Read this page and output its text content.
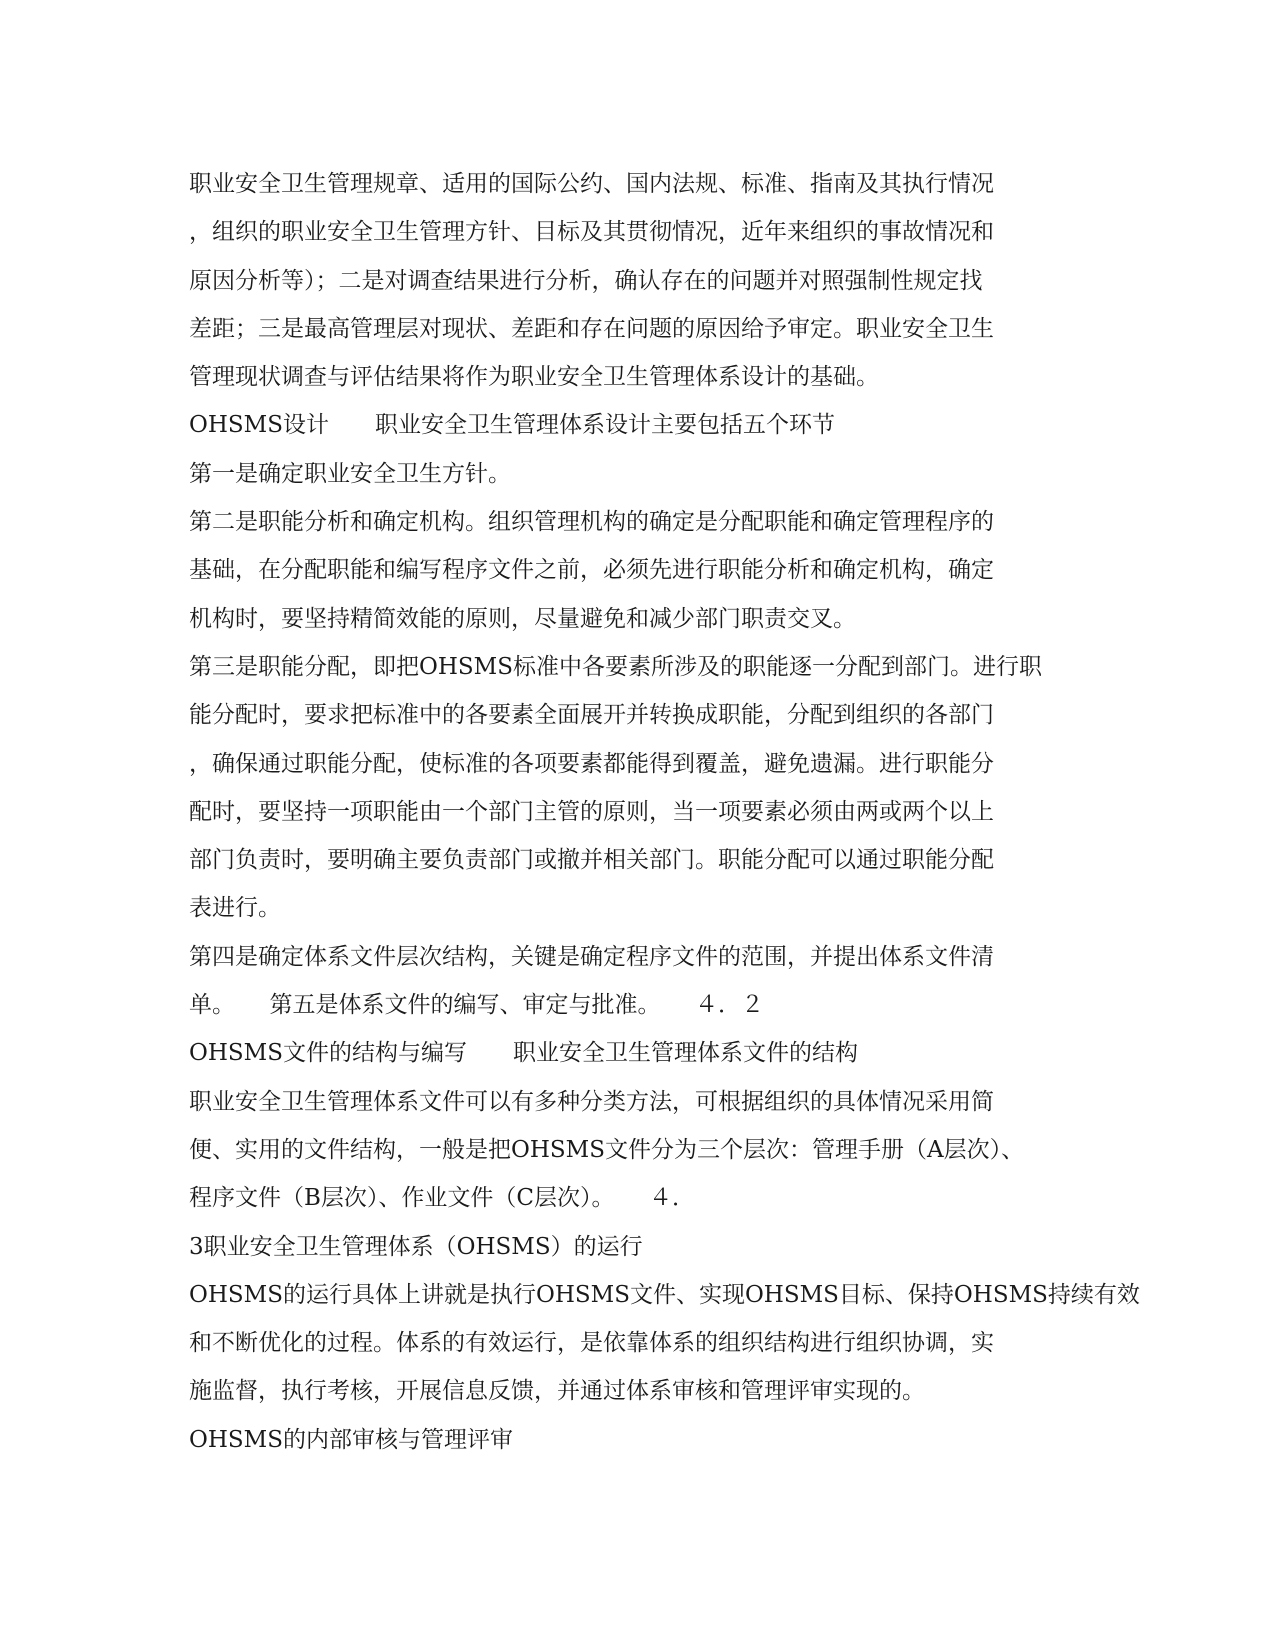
职业安全卫生管理规章、适用的国际公约、国内法规、标准、指南及其执行情况
，组织的职业安全卫生管理方针、目标及其贯彻情况，近年来组织的事故情况和
原因分析等）；二是对调查结果进行分析，确认存在的问题并对照强制性规定找
差距；三是最高管理层对现状、差距和存在问题的原因给予审定。职业安全卫生
管理现状调查与评估结果将作为职业安全卫生管理体系设计的基础。
OHSMS设计　　职业安全卫生管理体系设计主要包括五个环节
第一是确定职业安全卫生方针。
第二是职能分析和确定机构。组织管理机构的确定是分配职能和确定管理程序的
基础，在分配职能和编写程序文件之前，必须先进行职能分析和确定机构，确定
机构时，要坚持精简效能的原则，尽量避免和减少部门职责交叉。
第三是职能分配，即把OHSMS标准中各要素所涉及的职能逐一分配到部门。进行职
能分配时，要求把标准中的各要素全面展开并转换成职能，分配到组织的各部门
，确保通过职能分配，使标准的各项要素都能得到覆盖，避免遗漏。进行职能分
配时，要坚持一项职能由一个部门主管的原则，当一项要素必须由两或两个以上
部门负责时，要明确主要负责部门或撤并相关部门。职能分配可以通过职能分配
表进行。
第四是确定体系文件层次结构，关键是确定程序文件的范围，并提出体系文件清
单。　　第五是体系文件的编写、审定与批准。　　４．２
OHSMS文件的结构与编写　　职业安全卫生管理体系文件的结构
职业安全卫生管理体系文件可以有多种分类方法，可根据组织的具体情况采用简
便、实用的文件结构，一般是把OHSMS文件分为三个层次：管理手册（A层次）、
程序文件（B层次）、作业文件（C层次）。　　４．
3职业安全卫生管理体系（OHSMS）的运行
OHSMS的运行具体上讲就是执行OHSMS文件、实现OHSMS目标、保持OHSMS持续有效
和不断优化的过程。体系的有效运行，是依靠体系的组织结构进行组织协调，实
施监督，执行考核，开展信息反馈，并通过体系审核和管理评审实现的。
OHSMS的内部审核与管理评审
